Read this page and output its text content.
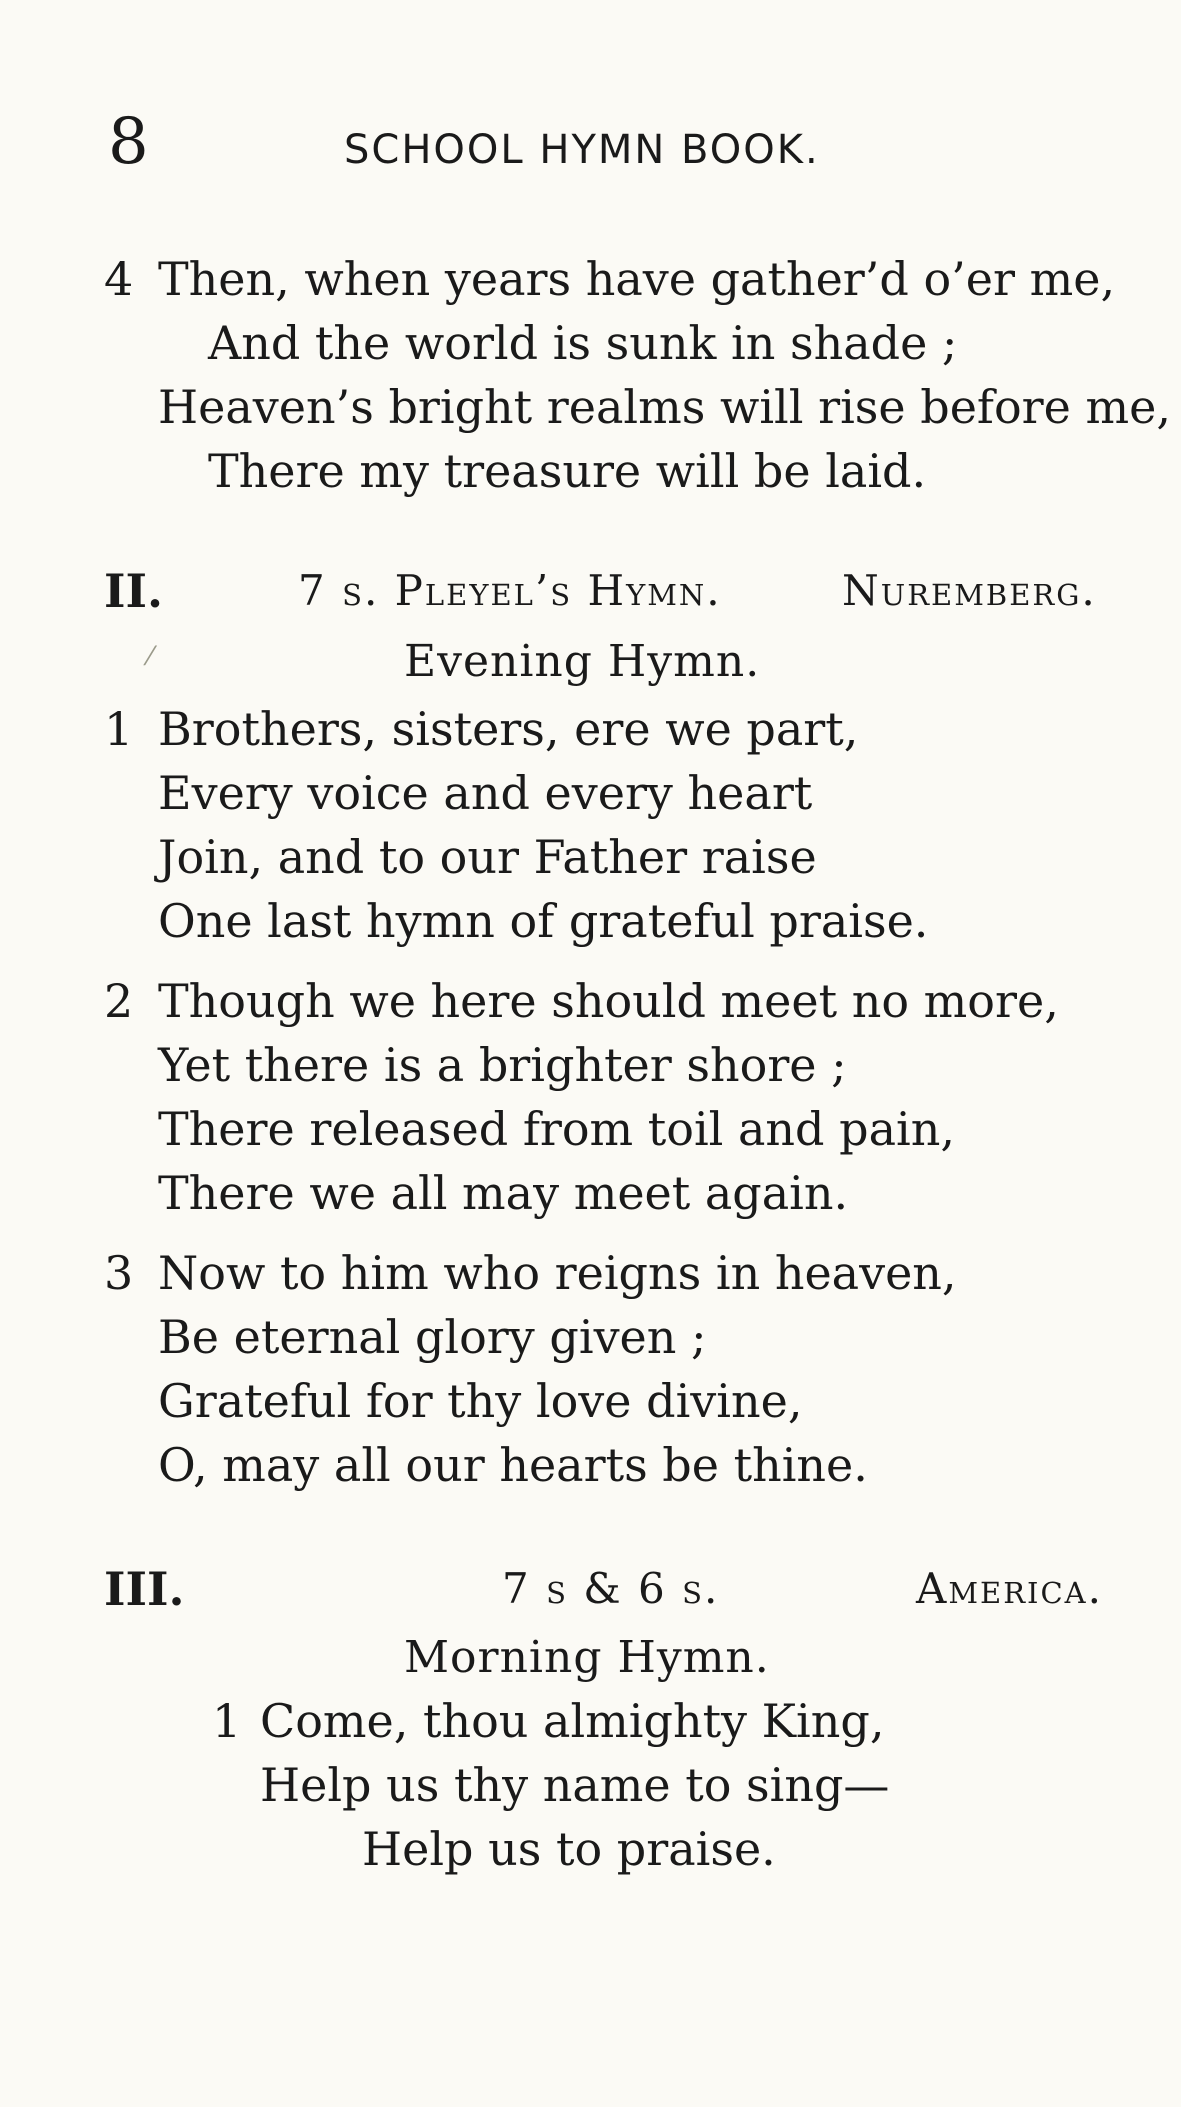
8	SCHOOL HYMN BOOK.
4 Then, when years have gather’d o’er me,
And the world is sunk in shade ;
Heaven’s bright realms will rise before me,
There my treasure will be laid.
II.	7 s. Pleyel’s Hymn.	Nuremberg.
⁄	Evening Hymn.
1 Brothers, sisters, ere we part,
Every voice and every heart
Join, and to our Father raise
One last hymn of grateful praise.
2 Though we here should meet no more,
Yet there is a brighter shore ;
There released from toil and pain,
There we all may meet again.
3 Now to him who reigns in heaven,
Be eternal glory given ;
Grateful for thy love divine,
O, may all our hearts be thine.
III.	7 s & 6 s.	America.
Morning Hymn.
1 Come, thou almighty King,
Help us thy name to sing—
Help us to praise.
